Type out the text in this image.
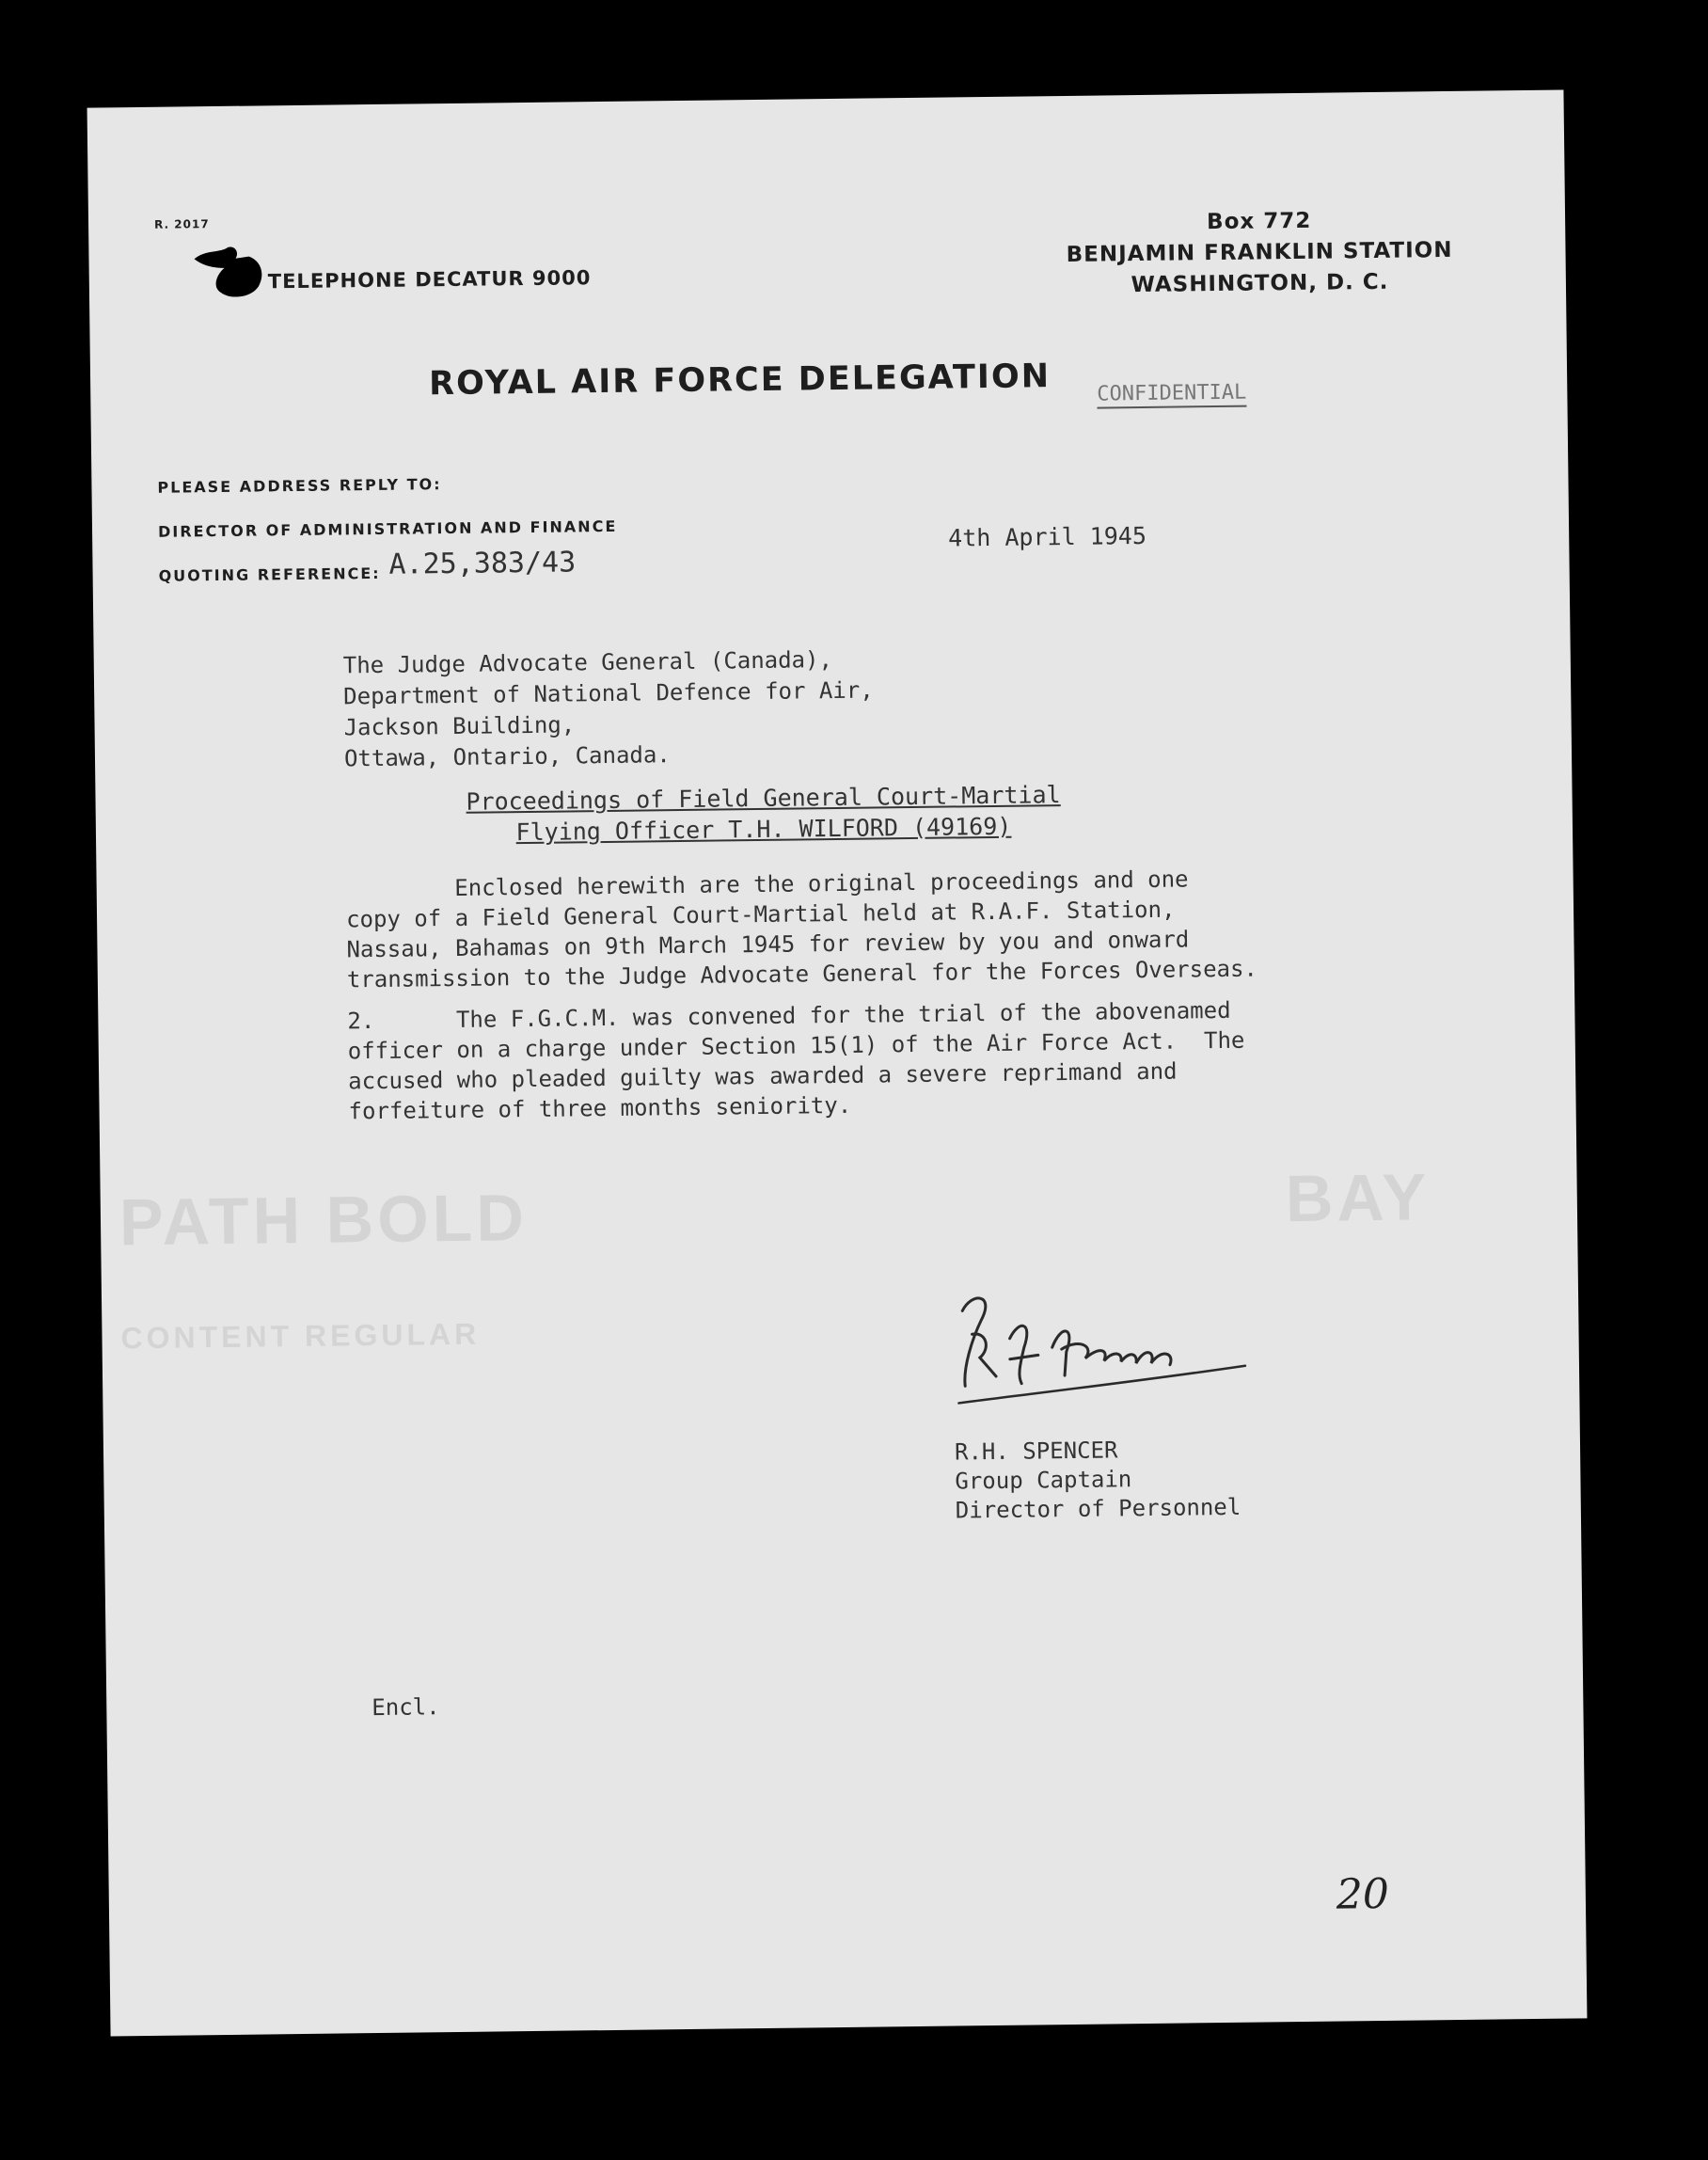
R. 2017
TELEPHONE DECATUR 9000
Box 772
BENJAMIN FRANKLIN STATION
WASHINGTON, D. C.
ROYAL AIR FORCE DELEGATION CONFIDENTIAL
PLEASE ADDRESS REPLY TO:
DIRECTOR OF ADMINISTRATION AND FINANCE
QUOTING REFERENCE: A.25,383/43
4th April 1945
The Judge Advocate General (Canada),
Department of National Defence for Air,
Jackson Building,
Ottawa, Ontario, Canada.
Proceedings of Field General Court-Martial
Flying Officer T.H. WILFORD (49169)
PATH BOLD	BAY
CONTENT REGULAR
Enclosed herewith are the original proceedings and one
copy of a Field General Court-Martial held at R.A.F. Station,
Nassau, Bahamas on 9th March 1945 for review by you and onward
transmission to the Judge Advocate General for the Forces Overseas.
2.      The F.G.C.M. was convened for the trial of the abovenamed
officer on a charge under Section 15(1) of the Air Force Act.  The
accused who pleaded guilty was awarded a severe reprimand and
forfeiture of three months seniority.
R.H. SPENCER
Group Captain
Director of Personnel
Encl.
20
